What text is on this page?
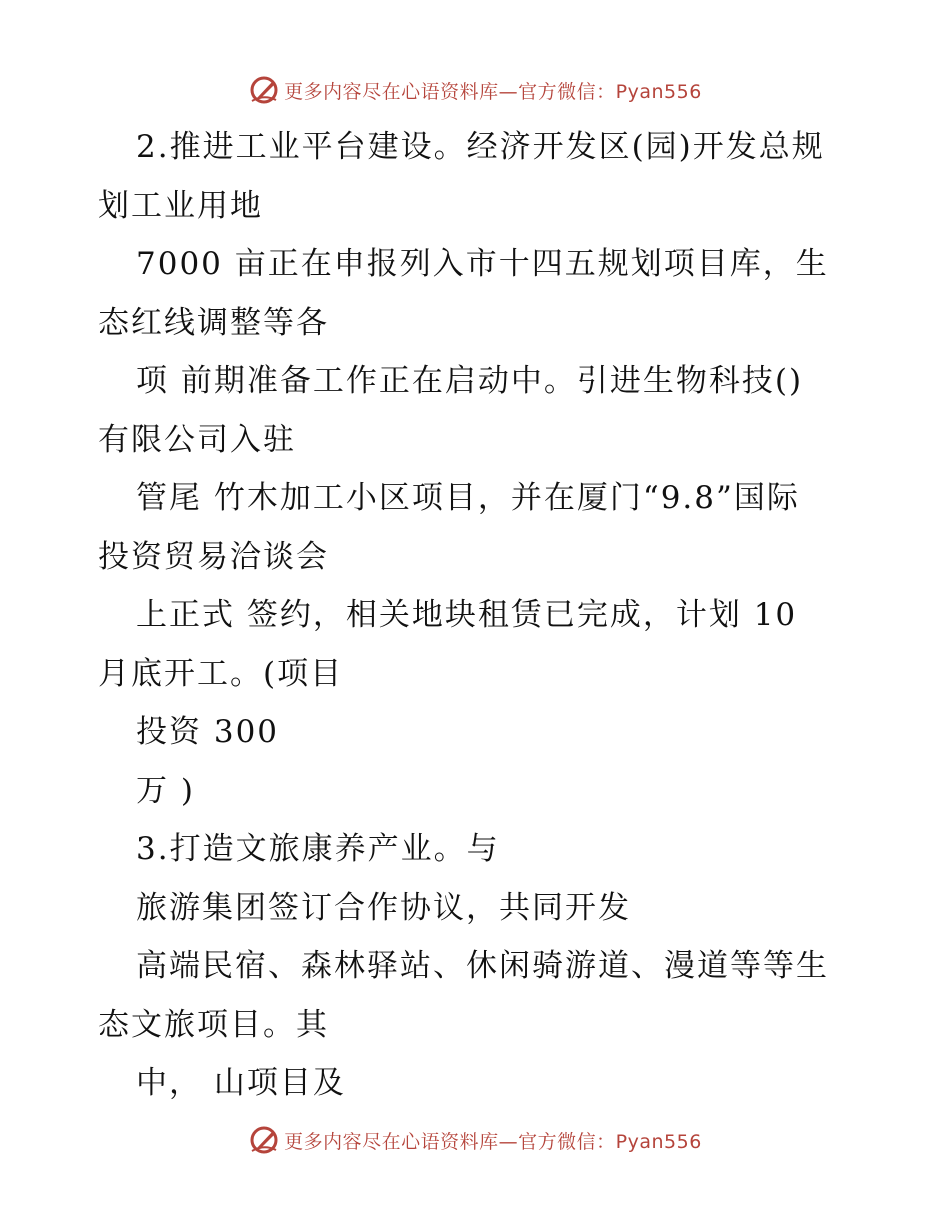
更多内容尽在心语资料库—官方微信：Pyan556
2.推进工业平台建设。经济开发区(园)开发总规
划工业用地
7000 亩正在申报列入市十四五规划项目库，生
态红线调整等各
项 前期准备工作正在启动中。引进生物科技()
有限公司入驻
管尾 竹木加工小区项目，并在厦门“9.8”国际
投资贸易洽谈会
上正式 签约，相关地块租赁已完成，计划 10
月底开工。(项目
投资 300
万 )
3.打造文旅康养产业。与
旅游集团签订合作协议，共同开发
高端民宿、森林驿站、休闲骑游道、漫道等等生
态文旅项目。其
中， 山项目及
更多内容尽在心语资料库—官方微信：Pyan556
